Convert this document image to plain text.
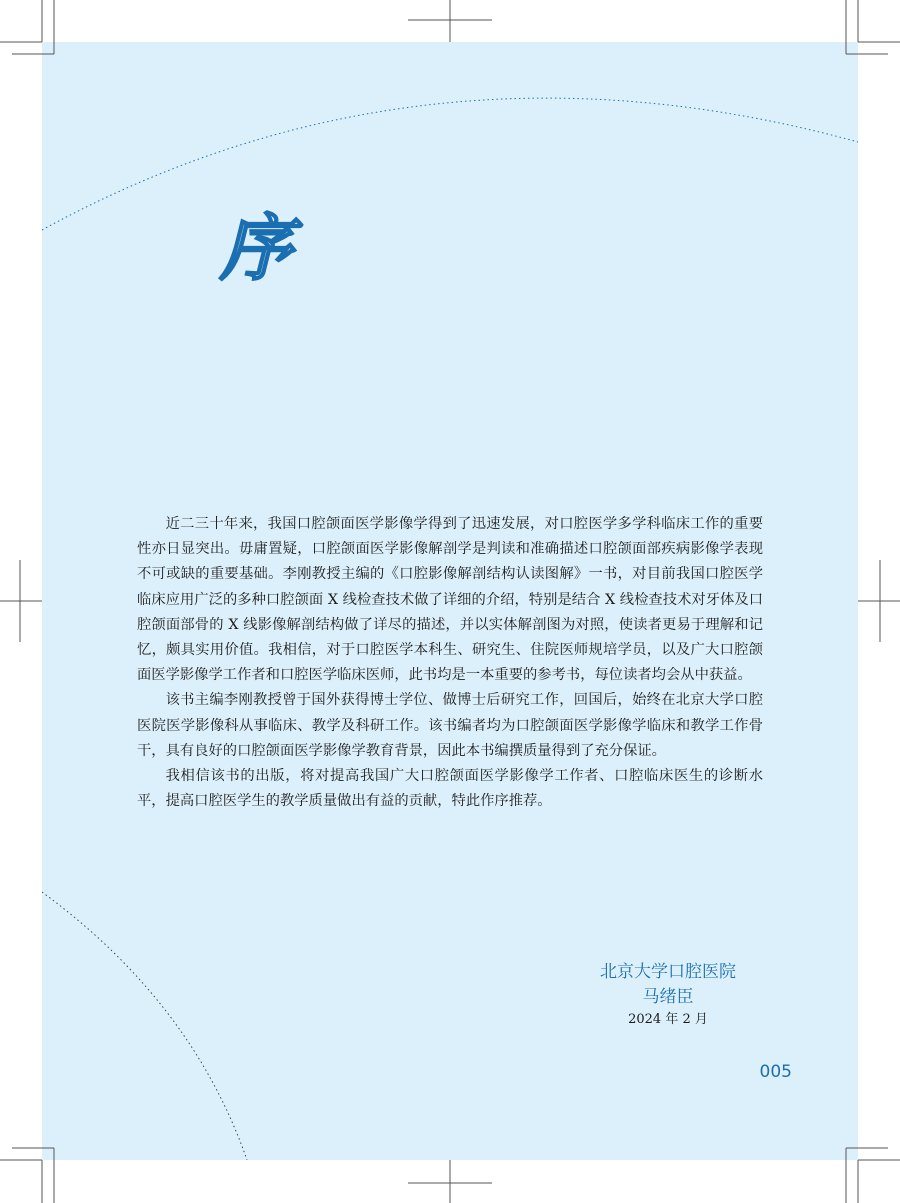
序

近二三十年来，我国口腔颌面医学影像学得到了迅速发展，对口腔医学多学科临床工作的重要性亦日显突出。毋庸置疑，口腔颌面医学影像解剖学是判读和准确描述口腔颌面部疾病影像学表现不可或缺的重要基础。李刚教授主编的《口腔影像解剖结构认读图解》一书，对目前我国口腔医学临床应用广泛的多种口腔颌面 X 线检查技术做了详细的介绍，特别是结合 X 线检查技术对牙体及口腔颌面部骨的 X 线影像解剖结构做了详尽的描述，并以实体解剖图为对照，使读者更易于理解和记忆，颇具实用价值。我相信，对于口腔医学本科生、研究生、住院医师规培学员，以及广大口腔颌面医学影像学工作者和口腔医学临床医师，此书均是一本重要的参考书，每位读者均会从中获益。

该书主编李刚教授曾于国外获得博士学位、做博士后研究工作，回国后，始终在北京大学口腔医院医学影像科从事临床、教学及科研工作。该书编者均为口腔颌面医学影像学临床和教学工作骨干，具有良好的口腔颌面医学影像学教育背景，因此本书编撰质量得到了充分保证。

我相信该书的出版，将对提高我国广大口腔颌面医学影像学工作者、口腔临床医生的诊断水平，提高口腔医学生的教学质量做出有益的贡献，特此作序推荐。

北京大学口腔医院
马绪臣
2024 年 2 月
005
